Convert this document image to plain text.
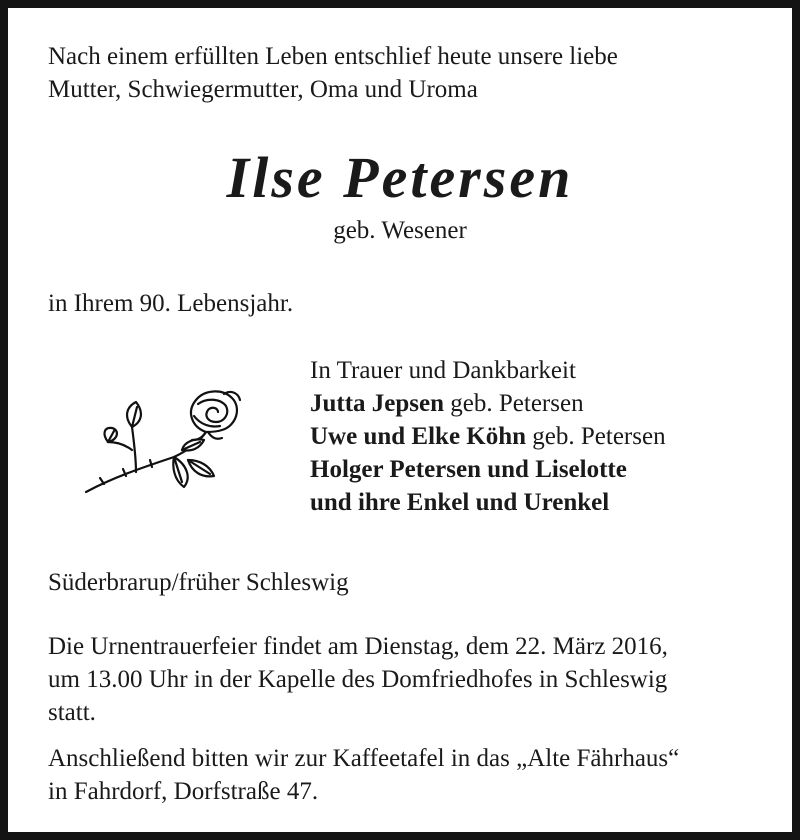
Nach einem erfüllten Leben entschlief heute unsere liebe
Mutter, Schwiegermutter, Oma und Uroma
Ilse Petersen
geb. Wesener
in Ihrem 90. Lebensjahr.
In Trauer und Dankbarkeit
Jutta Jepsen geb. Petersen
Uwe und Elke Köhn geb. Petersen
Holger Petersen und Liselotte
und ihre Enkel und Urenkel
Süderbrarup/früher Schleswig
Die Urnentrauerfeier findet am Dienstag, dem 22. März 2016,
um 13.00 Uhr in der Kapelle des Domfriedhofes in Schleswig
statt.
Anschließend bitten wir zur Kaffeetafel in das „Alte Fährhaus“
in Fahrdorf, Dorfstraße 47.
